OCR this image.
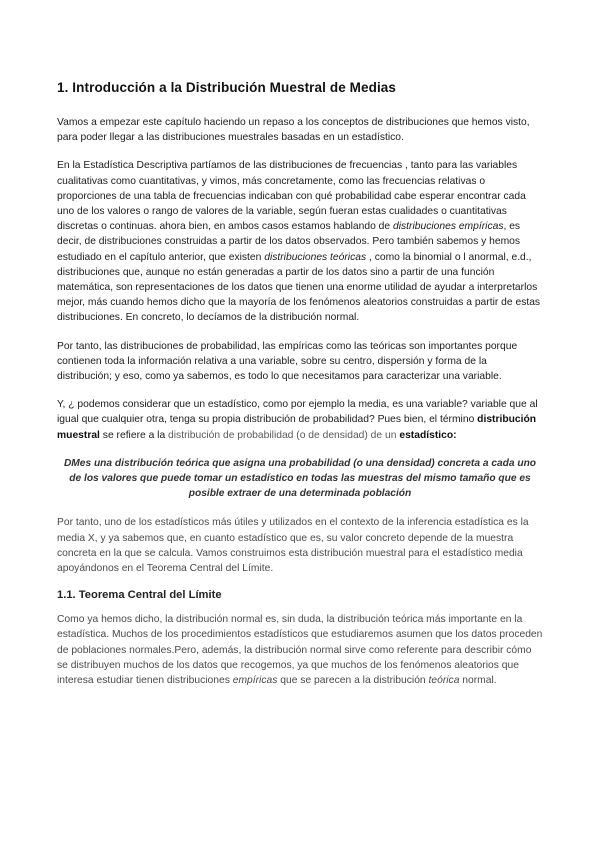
1. Introducción a la Distribución Muestral de Medias

Vamos a empezar este capítulo haciendo un repaso a los conceptos de distribuciones que hemos visto, para poder llegar a las distribuciones muestrales basadas en un estadístico.

En la Estadística Descriptiva partíamos de las distribuciones de frecuencias , tanto para las variables cualitativas como cuantitativas, y vimos, más concretamente, como las frecuencias relativas o proporciones de una tabla de frecuencias indicaban con qué probabilidad cabe esperar encontrar cada uno de los valores o rango de valores de la variable, según fueran estas cualidades o cuantitativas discretas o continuas. ahora bien, en ambos casos estamos hablando de distribuciones empíricas, es decir, de distribuciones construidas a partir de los datos observados. Pero también sabemos y hemos estudiado en el capítulo anterior, que existen distribuciones teóricas , como la binomial o l anormal, e.d., distribuciones que, aunque no están generadas a partir de los datos sino a partir de una función matemática, son representaciones de los datos que tienen una enorme utilidad de ayudar a interpretarlos mejor, más cuando hemos dicho que la mayoría de los fenómenos aleatorios construidas a partir de estas distribuciones. En concreto, lo decíamos de la distribución normal.

Por tanto, las distribuciones de probabilidad, las empíricas como las teóricas son importantes porque contienen toda la información relativa a una variable, sobre su centro, dispersión y forma de la distribución; y eso, como ya sabemos, es todo lo que necesitamos para caracterizar una variable.

Y, ¿ podemos considerar que un estadístico, como por ejemplo la media, es una variable? variable que al igual que cualquier otra, tenga su propia distribución de probabilidad? Pues bien, el término distribución muestral se refiere a la distribución de probabilidad (o de densidad) de un estadístico:

DMes una distribución teórica que asigna una probabilidad (o una densidad) concreta a cada uno de los valores que puede tomar un estadístico en todas las muestras del mismo tamaño que es posible extraer de una determinada población

Por tanto, uno de los estadísticos más útiles y utilizados en el contexto de la inferencia estadística es la media X, y ya sabemos que, en cuanto estadístico que es, su valor concreto depende de la muestra concreta en la que se calcula. Vamos construimos esta distribución muestral para el estadístico media apoyándonos en el Teorema Central del Límite.

1.1. Teorema Central del Límite

Como ya hemos dicho, la distribución normal es, sin duda, la distribución teórica más importante en la estadística. Muchos de los procedimientos estadísticos que estudiaremos asumen que los datos proceden de poblaciones normales.Pero, además, la distribución normal sirve como referente para describir cómo se distribuyen muchos de los datos que recogemos, ya que muchos de los fenómenos aleatorios que interesa estudiar tienen distribuciones empíricas que se parecen a la distribución teórica normal.
